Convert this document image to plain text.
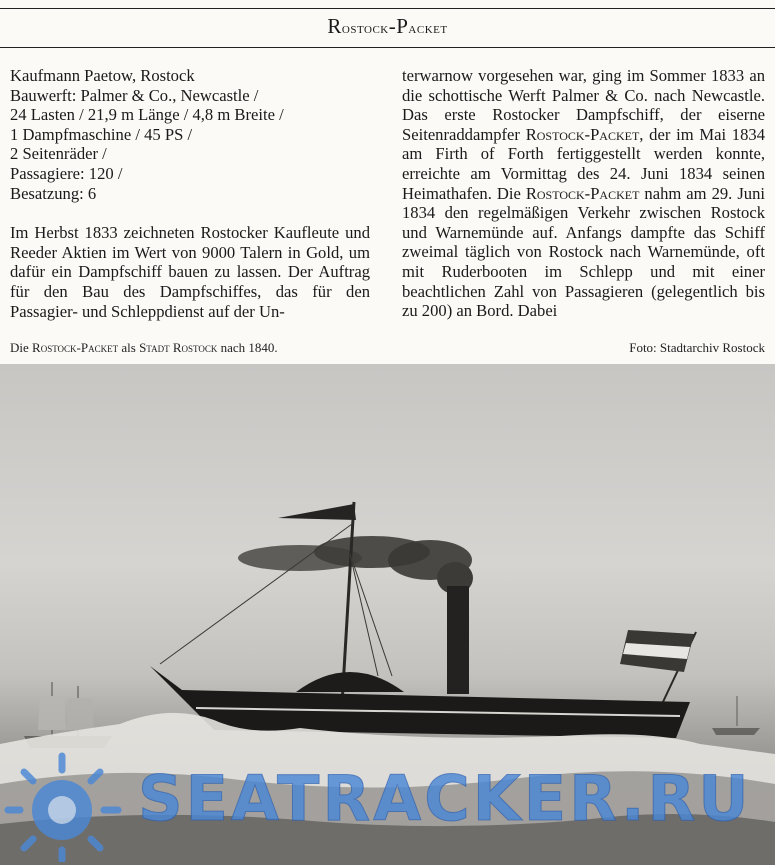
Rostock-Packet
Kaufmann Paetow, Rostock
Bauwerft: Palmer & Co., Newcastle /
24 Lasten / 21,9 m Länge / 4,8 m Breite /
1 Dampfmaschine / 45 PS /
2 Seitenräder /
Passagiere: 120 /
Besatzung: 6
Im Herbst 1833 zeichneten Rostocker Kaufleute und Reeder Aktien im Wert von 9000 Talern in Gold, um dafür ein Dampfschiff bauen zu lassen. Der Auftrag für den Bau des Dampfschiffes, das für den Passagier- und Schleppdienst auf der Un-
terwarnow vorgesehen war, ging im Sommer 1833 an die schottische Werft Palmer & Co. nach Newcastle. Das erste Rostocker Dampfschiff, der eiserne Seitenraddampfer Rostock-Packet, der im Mai 1834 am Firth of Forth fertiggestellt werden konnte, erreichte am Vormittag des 24. Juni 1834 seinen Heimathafen. Die Rostock-Packet nahm am 29. Juni 1834 den regelmäßigen Verkehr zwischen Rostock und Warnemünde auf. Anfangs dampfte das Schiff zweimal täglich von Rostock nach Warnemünde, oft mit Ruderbooten im Schlepp und mit einer beachtlichen Zahl von Passagieren (gelegentlich bis zu 200) an Bord. Dabei
Die Rostock-Packet als Stadt Rostock nach 1840.	Foto: Stadtarchiv Rostock
SEATRACKER.RU
